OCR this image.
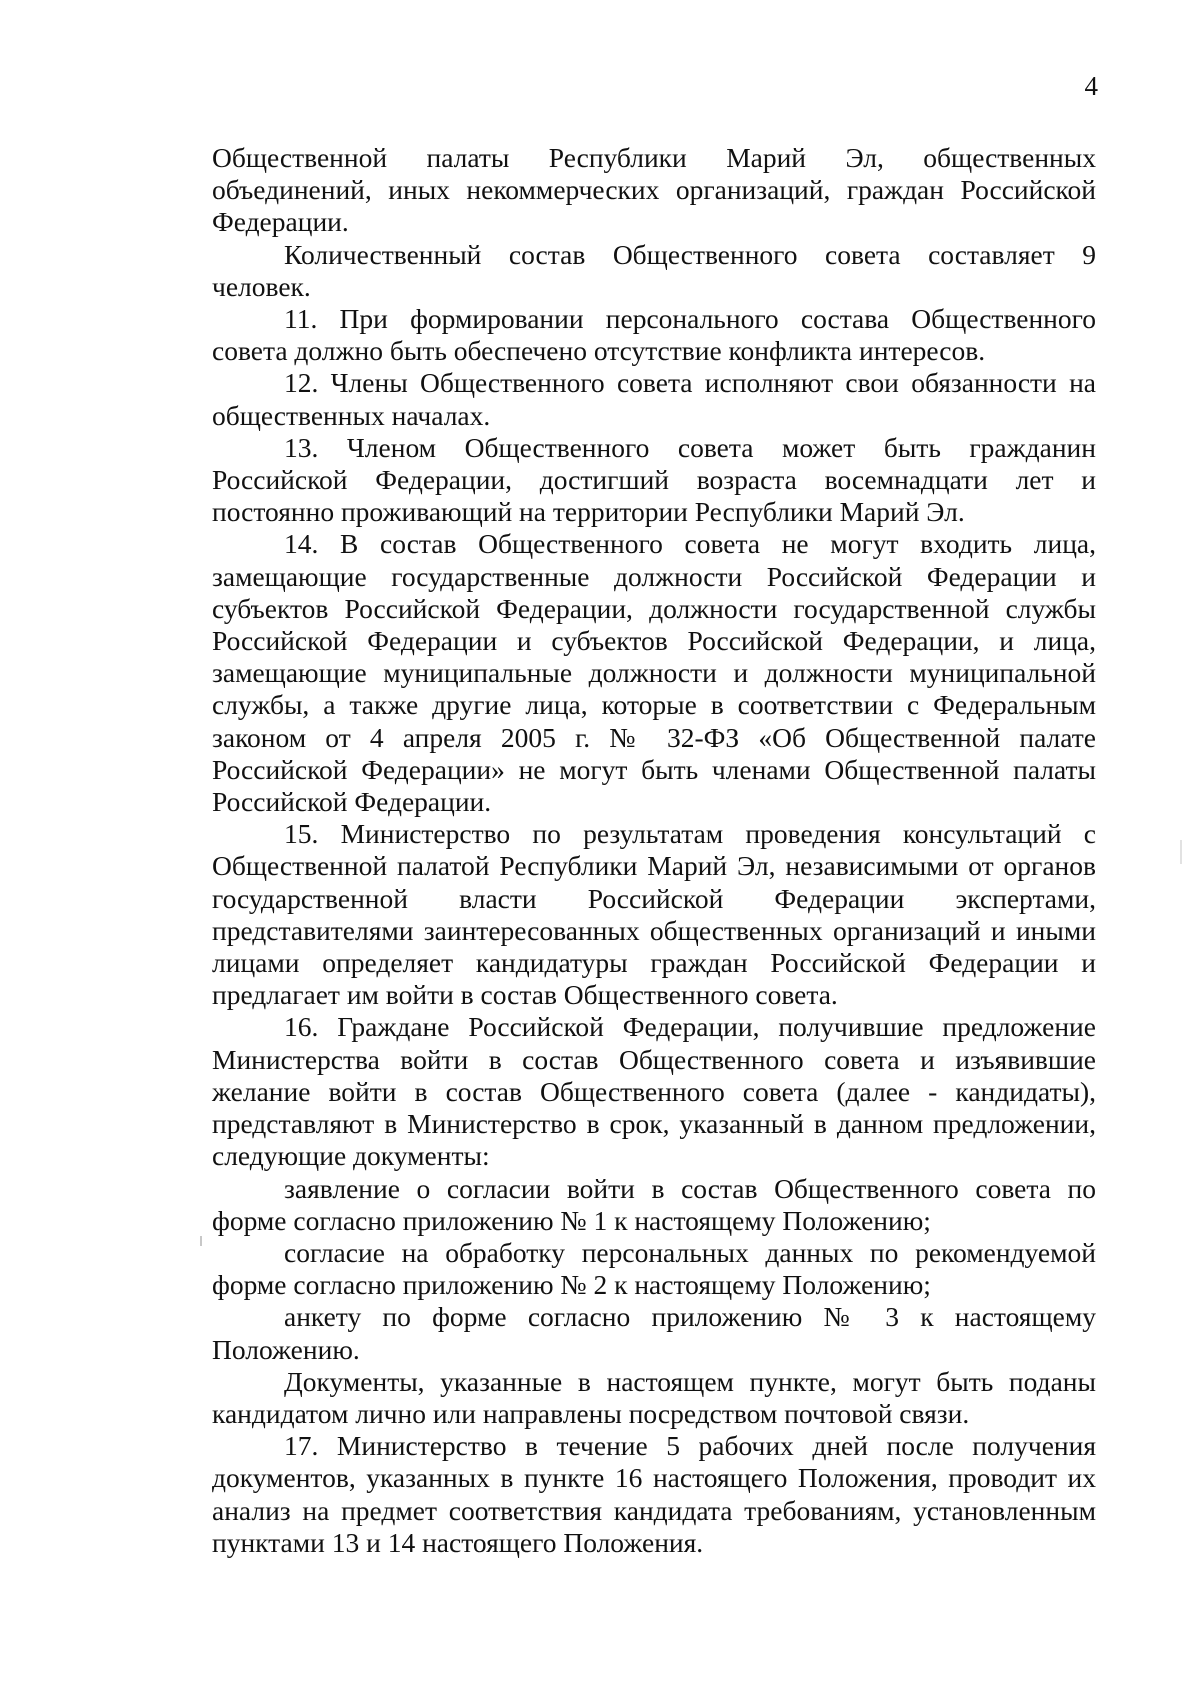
4

Общественной палаты Республики Марий Эл, общественных объединений, иных некоммерческих организаций, граждан Российской Федерации.

Количественный состав Общественного совета составляет 9 человек.

11. При формировании персонального состава Общественного совета должно быть обеспечено отсутствие конфликта интересов.

12. Члены Общественного совета исполняют свои обязанности на общественных началах.

13. Членом Общественного совета может быть гражданин Российской Федерации, достигший возраста восемнадцати лет и постоянно проживающий на территории Республики Марий Эл.

14. В состав Общественного совета не могут входить лица, замещающие государственные должности Российской Федерации и субъектов Российской Федерации, должности государственной службы Российской Федерации и субъектов Российской Федерации, и лица, замещающие муниципальные должности и должности муниципальной службы, а также другие лица, которые в соответствии с Федеральным законом от 4 апреля 2005 г. № 32-ФЗ «Об Общественной палате Российской Федерации» не могут быть членами Общественной палаты Российской Федерации.

15. Министерство по результатам проведения консультаций с Общественной палатой Республики Марий Эл, независимыми от органов государственной власти Российской Федерации экспертами, представителями заинтересованных общественных организаций и иными лицами определяет кандидатуры граждан Российской Федерации и предлагает им войти в состав Общественного совета.

16. Граждане Российской Федерации, получившие предложение Министерства войти в состав Общественного совета и изъявившие желание войти в состав Общественного совета (далее - кандидаты), представляют в Министерство в срок, указанный в данном предложении, следующие документы:

заявление о согласии войти в состав Общественного совета по форме согласно приложению № 1 к настоящему Положению;

согласие на обработку персональных данных по рекомендуемой форме согласно приложению № 2 к настоящему Положению;

анкету по форме согласно приложению № 3 к настоящему Положению.

Документы, указанные в настоящем пункте, могут быть поданы кандидатом лично или направлены посредством почтовой связи.

17. Министерство в течение 5 рабочих дней после получения документов, указанных в пункте 16 настоящего Положения, проводит их анализ на предмет соответствия кандидата требованиям, установленным пунктами 13 и 14 настоящего Положения.
